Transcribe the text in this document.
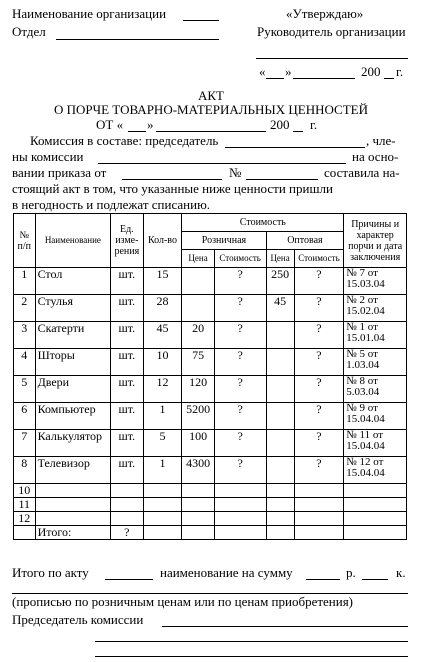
Наименование организации
Отдел
«Утверждаю»
Руководитель организации
« »	200 г.
АКТ
О ПОРЧЕ ТОВАРНО-МАТЕРИАЛЬНЫХ ЦЕННОСТЕЙ
ОТ « »	200 г.
Комиссия в составе: председатель	, чле-
ны комиссии	на осно-
вании приказа от	№	составила на-
стоящий акт в том, что указанные ниже ценности пришли
в негодность и подлежат списанию.
№ п/п	Наименование	Ед. изме-рения	Кол-во	Стоимость				Причины и характер порчи и дата заключения
				Розничная		Оптовая		
				Цена	Стоимость	Цена	Стоимость	
1	Стол	шт.	15		?	250	?	№ 7 от
15.03.04
2	Стулья	шт.	28		?	45	?	№ 2 от
15.02.04
3	Скатерти	шт.	45	20	?		?	№ 1 от
15.01.04
4	Шторы	шт.	10	75	?		?	№ 5 от
1.03.04
5	Двери	шт.	12	120	?		?	№ 8 от
5.03.04
6	Компьютер	шт.	1	5200	?		?	№ 9 от
15.04.04
7	Калькулятор	шт.	5	100	?		?	№ 11 от
15.04.04
8	Телевизор	шт.	1	4300	?		?	№ 12 от
15.04.04
10								
11								
12								
	Итого:	?						
Итого по акту	наименование на сумму	р.	к.
(прописью по розничным ценам или по ценам приобретения)
Председатель комиссии
